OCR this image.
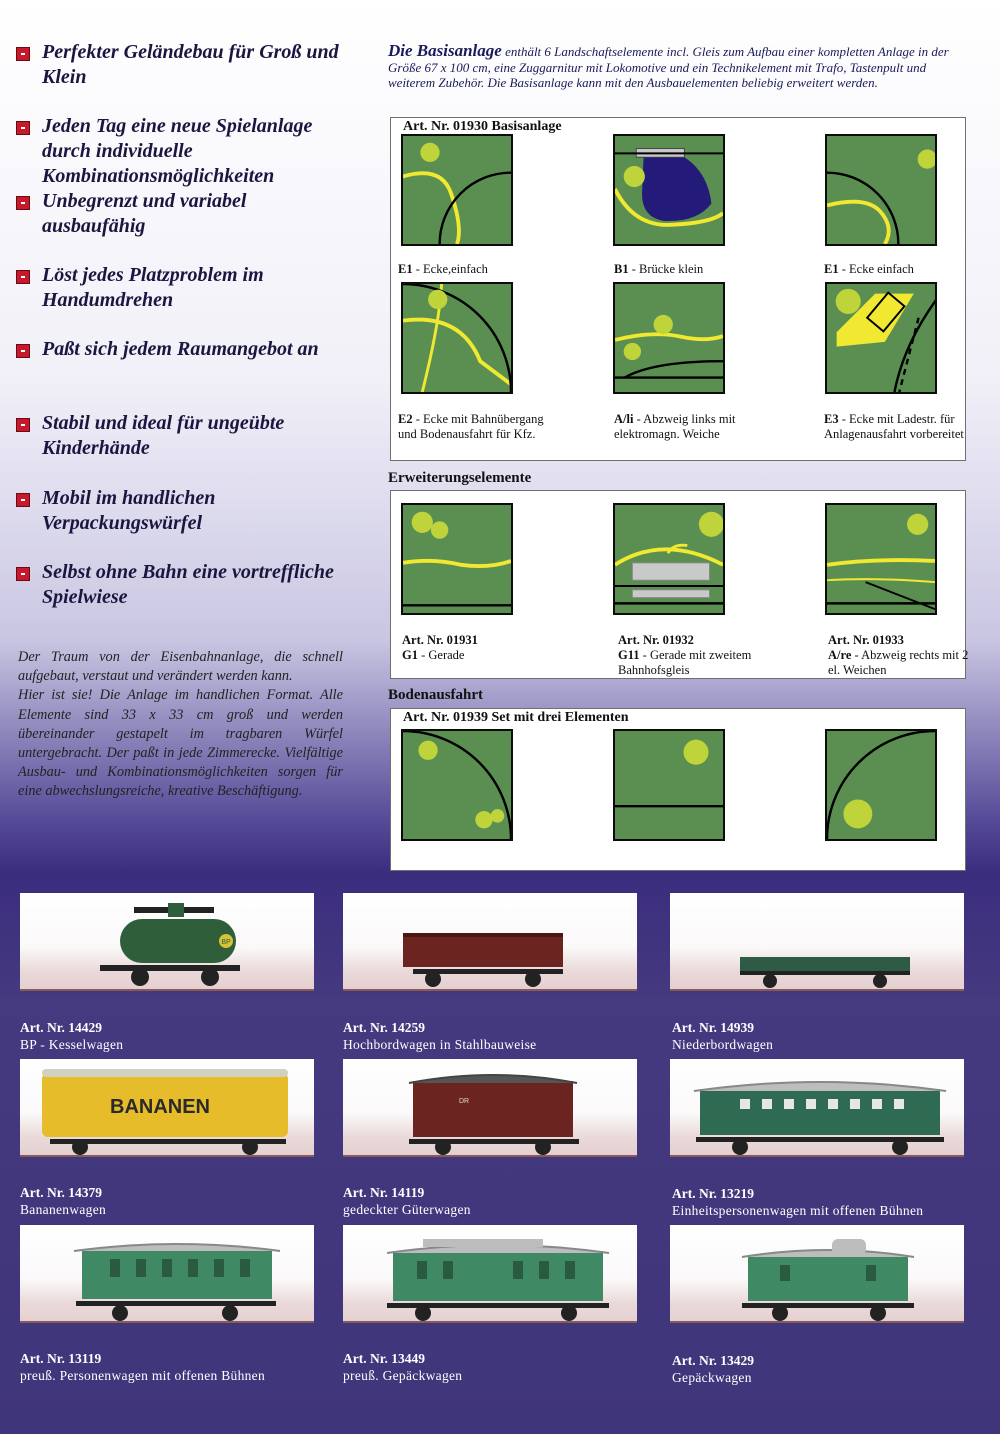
Perfekter Geländebau für Groß und Klein
Jeden Tag eine neue Spielanlage durch individuelle Kombinationsmöglichkeiten
Unbegrenzt und variabel ausbaufähig
Löst jedes Platzproblem im Handumdrehen
Paßt sich jedem Raumangebot an
Stabil und ideal für ungeübte Kinderhände
Mobil im handlichen Verpackungswürfel
Selbst ohne Bahn eine vortreffliche Spielwiese
Der Traum von der Eisenbahnanlage, die schnell aufgebaut, verstaut und verändert werden kann.
Hier ist sie! Die Anlage im handlichen Format. Alle Elemente sind 33 x 33 cm groß und werden übereinander gestapelt im tragbaren Würfel untergebracht. Der paßt in jede Zimmerecke. Vielfältige Ausbau- und Kombinationsmöglichkeiten sorgen für eine abwechslungsreiche, kreative Beschäftigung.
Die Basisanlage enthält 6 Landschaftselemente incl. Gleis zum Aufbau einer kompletten Anlage in der Größe 67 x 100 cm, eine Zuggarnitur mit Lokomotive und ein Technikelement mit Trafo, Tastenpult und weiterem Zubehör. Die Basisanlage kann mit den Ausbauelementen beliebig erweitert werden.
Art. Nr. 01930 Basisanlage
E1 - Ecke,einfach	B1 - Brücke klein	E1 - Ecke einfach
E2 - Ecke mit Bahnübergang und Bodenausfahrt für Kfz.
A/li - Abzweig links mit elektromagn. Weiche
E3 - Ecke mit Ladestr. für Anlagenausfahrt vorbereitet
Erweiterungselemente
Art. Nr. 01931
G1 - Gerade
Art. Nr. 01932
G11 - Gerade mit zweitem Bahnhofsgleis
Art. Nr. 01933
A/re - Abzweig rechts mit 2 el. Weichen
Bodenausfahrt
Art. Nr. 01939 Set mit drei Elementen
BP
Art. Nr. 14429
BP - Kesselwagen
Art. Nr. 14259
Hochbordwagen in Stahlbauweise
Art. Nr. 14939
Niederbordwagen
BANANEN
Art. Nr. 14379
Bananenwagen
DR
Art. Nr. 14119
gedeckter Güterwagen
Art. Nr. 13219
Einheitspersonenwagen mit offenen Bühnen
Art. Nr. 13119
preuß. Personenwagen mit offenen Bühnen
Art. Nr. 13449
preuß. Gepäckwagen
Art. Nr. 13429
Gepäckwagen
